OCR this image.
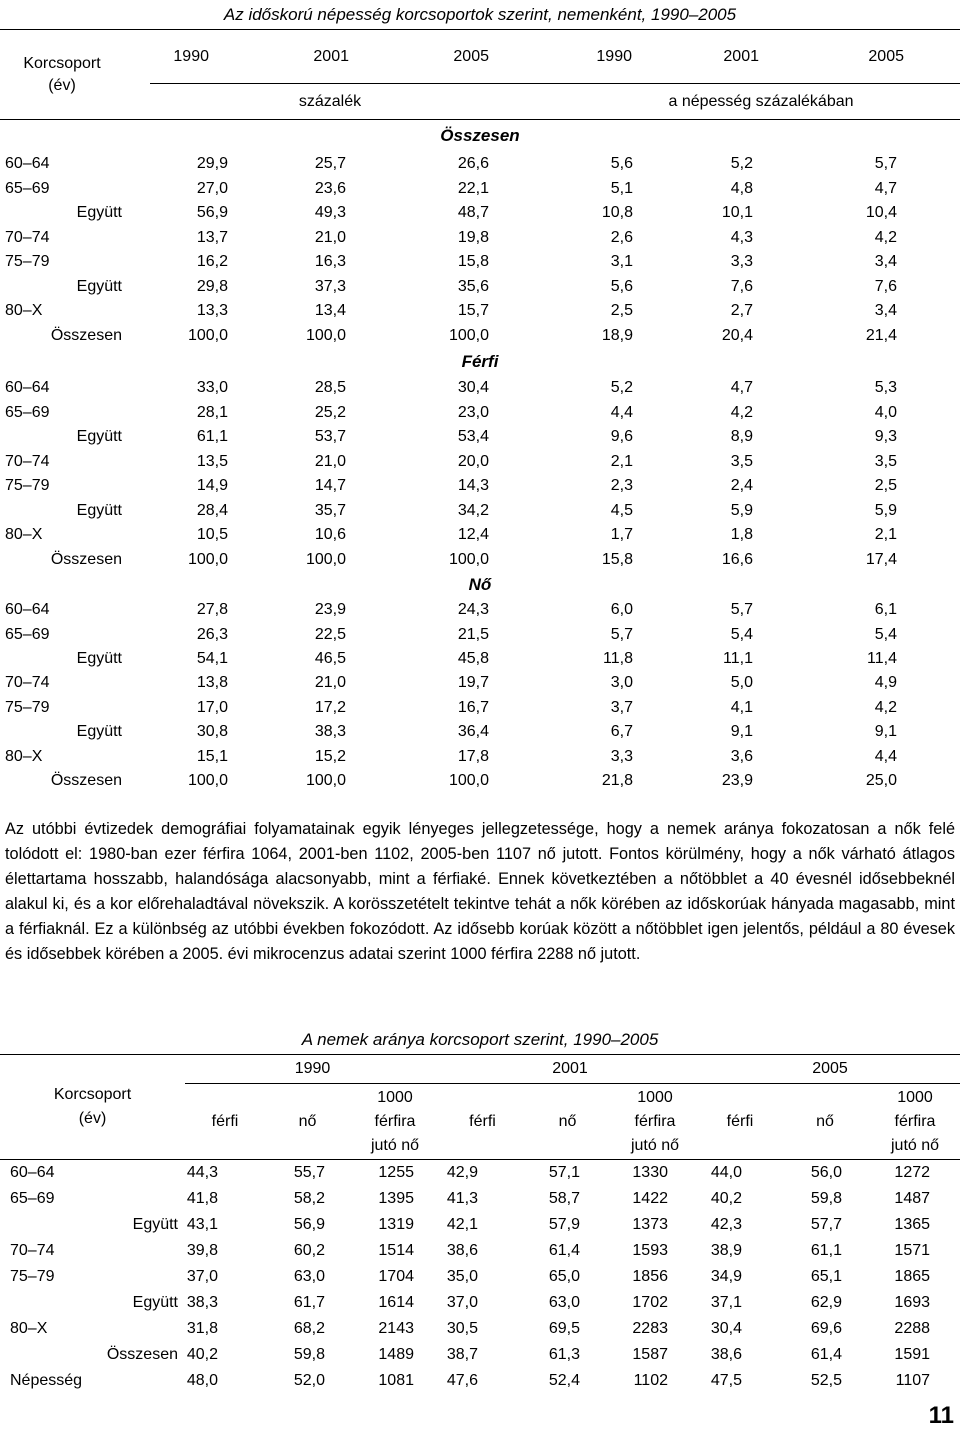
Az időskorú népesség korcsoportok szerint, nemenként, 1990–2005						
Korcsoport
(év)	1990	2001	2005	1990	2001	2005
	százalék			a népesség százalékában		
Összesen						
60–64	29,9	25,7	26,6	5,6	5,2	5,7
65–69	27,0	23,6	22,1	5,1	4,8	4,7
Együtt	56,9	49,3	48,7	10,8	10,1	10,4
70–74	13,7	21,0	19,8	2,6	4,3	4,2
75–79	16,2	16,3	15,8	3,1	3,3	3,4
Együtt	29,8	37,3	35,6	5,6	7,6	7,6
80–X	13,3	13,4	15,7	2,5	2,7	3,4
Összesen	100,0	100,0	100,0	18,9	20,4	21,4
Férfi						
60–64	33,0	28,5	30,4	5,2	4,7	5,3
65–69	28,1	25,2	23,0	4,4	4,2	4,0
Együtt	61,1	53,7	53,4	9,6	8,9	9,3
70–74	13,5	21,0	20,0	2,1	3,5	3,5
75–79	14,9	14,7	14,3	2,3	2,4	2,5
Együtt	28,4	35,7	34,2	4,5	5,9	5,9
80–X	10,5	10,6	12,4	1,7	1,8	2,1
Összesen	100,0	100,0	100,0	15,8	16,6	17,4
Nő						
60–64	27,8	23,9	24,3	6,0	5,7	6,1
65–69	26,3	22,5	21,5	5,7	5,4	5,4
Együtt	54,1	46,5	45,8	11,8	11,1	11,4
70–74	13,8	21,0	19,7	3,0	5,0	4,9
75–79	17,0	17,2	16,7	3,7	4,1	4,2
Együtt	30,8	38,3	36,4	6,7	9,1	9,1
80–X	15,1	15,2	17,8	3,3	3,6	4,4
Összesen	100,0	100,0	100,0	21,8	23,9	25,0

Az utóbbi évtizedek demográfiai folyamatainak egyik lényeges jellegzetessége, hogy a nemek aránya fokozatosan a nők felé tolódott el: 1980-ban ezer férfira 1064, 2001-ben 1102, 2005-ben 1107 nő jutott. Fontos körülmény, hogy a nők várható átlagos élettartama hosszabb, halandósága alacsonyabb, mint a férfiaké. Ennek következtében a nőtöbblet a 40 évesnél idősebbeknél alakul ki, és a kor előrehaladtával növekszik. A korösszetételt tekintve tehát a nők körében az időskorúak hányada magasabb, mint a férfiaknál. Ez a különbség az utóbbi években fokozódott. Az idősebb korúak között a nőtöbblet igen jelentős, például a 80 évesek és idősebbek körében a 2005. évi mikrocenzus adatai szerint 1000 férfira 2288 nő jutott.

A nemek aránya korcsoport szerint, 1990–2005									

Korcsoport
(év)	1990			2001			2005		
	férfi	nő	1000
férfira
jutó nő	férfi	nő	1000
férfira
jutó nő	férfi	nő	1000
férfira
jutó nő

60–64	44,3	55,7	1255	42,9	57,1	1330	44,0	56,0	1272
65–69	41,8	58,2	1395	41,3	58,7	1422	40,2	59,8	1487
Együtt	43,1	56,9	1319	42,1	57,9	1373	42,3	57,7	1365
70–74	39,8	60,2	1514	38,6	61,4	1593	38,9	61,1	1571
75–79	37,0	63,0	1704	35,0	65,0	1856	34,9	65,1	1865
Együtt	38,3	61,7	1614	37,0	63,0	1702	37,1	62,9	1693
80–X	31,8	68,2	2143	30,5	69,5	2283	30,4	69,6	2288
Összesen	40,2	59,8	1489	38,7	61,3	1587	38,6	61,4	1591
Népesség	48,0	52,0	1081	47,6	52,4	1102	47,5	52,5	1107
11
